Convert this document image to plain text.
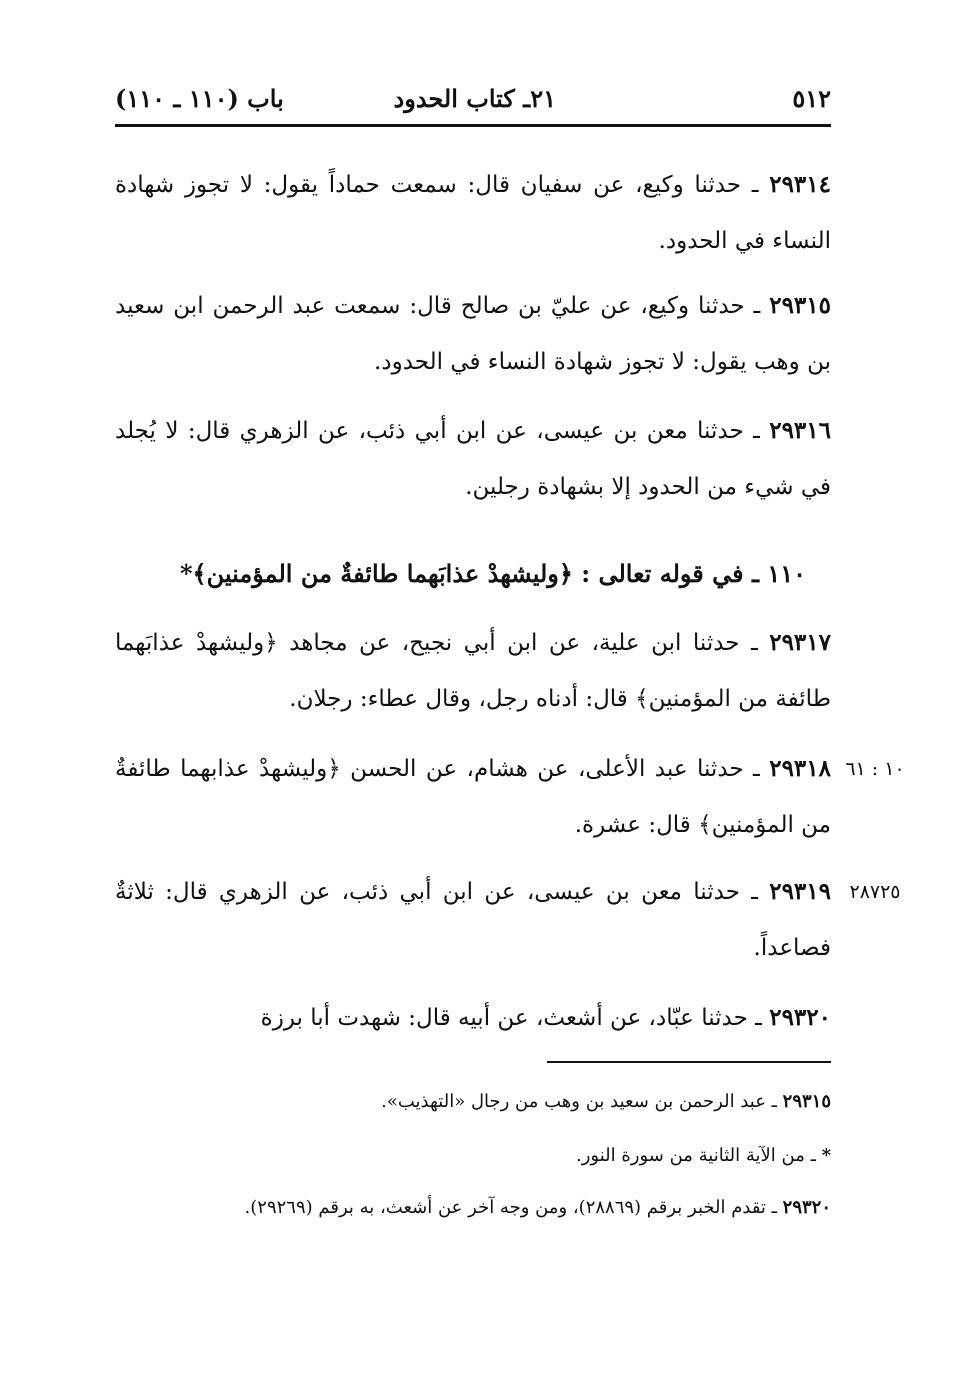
٥١٢
٢١ـ كتاب الحدود
باب (١١٠ ـ ١١٠)
٢٩٣١٤ ـ حدثنا وكيع، عن سفيان قال: سمعت حماداً يقول: لا تجوز شهادة النساء في الحدود.
٢٩٣١٥ ـ حدثنا وكيع، عن عليّ بن صالح قال: سمعت عبد الرحمن ابن سعيد بن وهب يقول: لا تجوز شهادة النساء في الحدود.
٢٩٣١٦ ـ حدثنا معن بن عيسى، عن ابن أبي ذئب، عن الزهري قال: لا يُجلد في شيء من الحدود إلا بشهادة رجلين.
١١٠ ـ في قوله تعالى : ﴿وليشهدْ عذابَهما طائفةٌ من المؤمنين﴾*
٢٩٣١٧ ـ حدثنا ابن علية، عن ابن أبي نجيح، عن مجاهد ﴿وليشهدْ عذابَهما طائفة من المؤمنين﴾ قال: أدناه رجل، وقال عطاء: رجلان.
٢٩٣١٨ ـ حدثنا عبد الأعلى، عن هشام، عن الحسن ﴿وليشهدْ عذابهما طائفةٌ من المؤمنين﴾ قال: عشرة.
١٠ : ٦١
٢٩٣١٩ ـ حدثنا معن بن عيسى، عن ابن أبي ذئب، عن الزهري قال: ثلاثةٌ فصاعداً.
٢٨٧٢٥
٢٩٣٢٠ ـ حدثنا عبّاد، عن أشعث، عن أبيه قال: شهدت أبا برزة
٢٩٣١٥ ـ عبد الرحمن بن سعيد بن وهب من رجال «التهذيب».
* ـ من الآية الثانية من سورة النور.
٢٩٣٢٠ ـ تقدم الخبر برقم (٢٨٨٦٩)، ومن وجه آخر عن أشعث، به برقم (٢٩٢٦٩).
